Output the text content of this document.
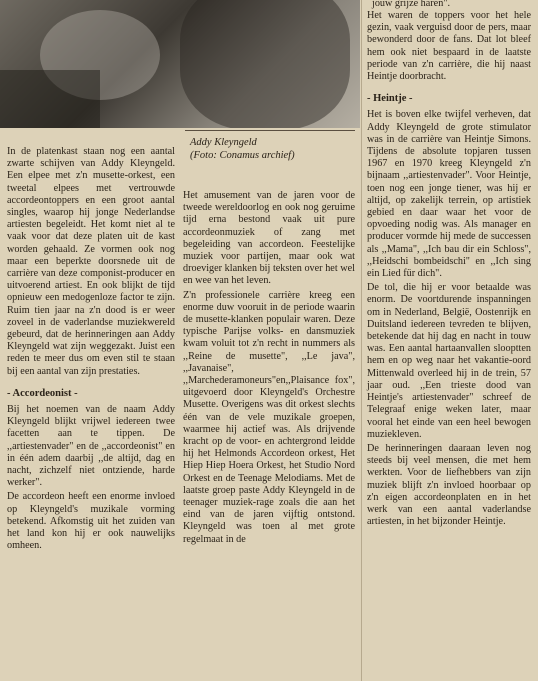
Addy Kleyngeld
(Foto: Conamus archief)
jouw grijze haren".

In de platenkast staan nog een aantal zwarte schijven van Addy Kleyngeld. Een elpee met z'n musette-orkest, een tweetal elpees met vertrouwde accordeontoppers en een groot aantal singles, waarop hij jonge Nederlandse artiesten begeleidt. Het komt niet al te vaak voor dat deze platen uit de kast worden gehaald. Ze vormen ook nog maar een beperkte doorsnede uit de carrière van deze componist-producer en uitvoerend artiest. En ook blijkt de tijd opnieuw een medogenloze factor te zijn. Ruim tien jaar na z'n dood is er weer zoveel in de vaderlandse muziekwereld gebeurd, dat de herinneringen aan Addy Kleyngeld wat zijn weggezakt. Juist een reden te meer dus om even stil te staan bij een aantal van zijn prestaties.

- Accordeonist -

Bij het noemen van de naam Addy Kleyngeld blijkt vrijwel iedereen twee facetten aan te tippen. De ,,artiestenvader" en de ,,accordeonist" en in één adem daarbij ,,de altijd, dag en nacht, zichzelf niet ontziende, harde werker".

De accordeon heeft een enorme invloed op Kleyngeld's muzikale vorming betekend. Afkomstig uit het zuiden van het land kon hij er ook nauwelijks omheen.

Het amusement van de jaren voor de tweede wereldoorlog en ook nog geruime tijd erna bestond vaak uit pure accordeonmuziek of zang met begeleiding van accordeon. Feestelijke muziek voor partijen, maar ook wat droeviger klanken bij teksten over het wel en wee van het leven.

Z'n professionele carrière kreeg een enorme duw vooruit in de periode waarin de musette-klanken populair waren. Deze typische Parijse volks- en dansmuziek kwam voluit tot z'n recht in nummers als ,,Reine de musette", ,,Le java", ,,Javanaise", ,,Marchederamoneurs"en,,Plaisance fox", uitgevoerd door Kleyngeld's Orchestre Musette. Overigens was dit orkest slechts één van de vele muzikale groepen, waarmee hij actief was. Als drijvende kracht op de voor- en achtergrond leidde hij het Helmonds Accordeon orkest, Het Hiep Hiep Hoera Orkest, het Studio Nord Orkest en de Teenage Melodiams. Met de laatste groep paste Addy Kleyngeld in de teenager muziek-rage zoals die aan het eind van de jaren vijftig ontstond. Kleyngeld was toen al met grote regelmaat in de

Het waren de toppers voor het hele gezin, vaak verguisd door de pers, maar bewonderd door de fans. Dat lot bleef hem ook niet bespaard in de laatste periode van z'n carrière, die hij naast Heintje doorbracht.

- Heintje -

Het is boven elke twijfel verheven, dat Addy Kleyngeld de grote stimulator was in de carrière van Heintje Simons. Tijdens de absolute topjaren tussen 1967 en 1970 kreeg Kleyngeld z'n bijnaam ,,artiestenvader". Voor Heintje, toen nog een jonge tiener, was hij er altijd, op zakelijk terrein, op artistiek gebied en daar waar het voor de opvoeding nodig was. Als manager en producer vormde hij mede de successen als ,,Mama", ,,Ich bau dir ein Schloss", ,,Heidschi bombeidschi" en ,,Ich sing ein Lied für dich".

De tol, die hij er voor betaalde was enorm. De voortdurende inspanningen om in Nederland, België, Oostenrijk en Duitsland iedereen tevreden te blijven, betekende dat hij dag en nacht in touw was. Een aantal hartaanvallen slooptten hem en op weg naar het vakantie-oord Mittenwald overleed hij in de trein, 57 jaar oud. ,,Een trieste dood van Heintje's artiestenvader" schreef de Telegraaf enige weken later, maar vooral het einde van een heel bewogen muziekleven.

De herinneringen daaraan leven nog steeds bij veel mensen, die met hem werkten. Voor de liefhebbers van zijn muziek blijft z'n invloed hoorbaar op z'n eigen accordeonplaten en in het werk van een aantal vaderlandse artiesten, in het bijzonder Heintje.
